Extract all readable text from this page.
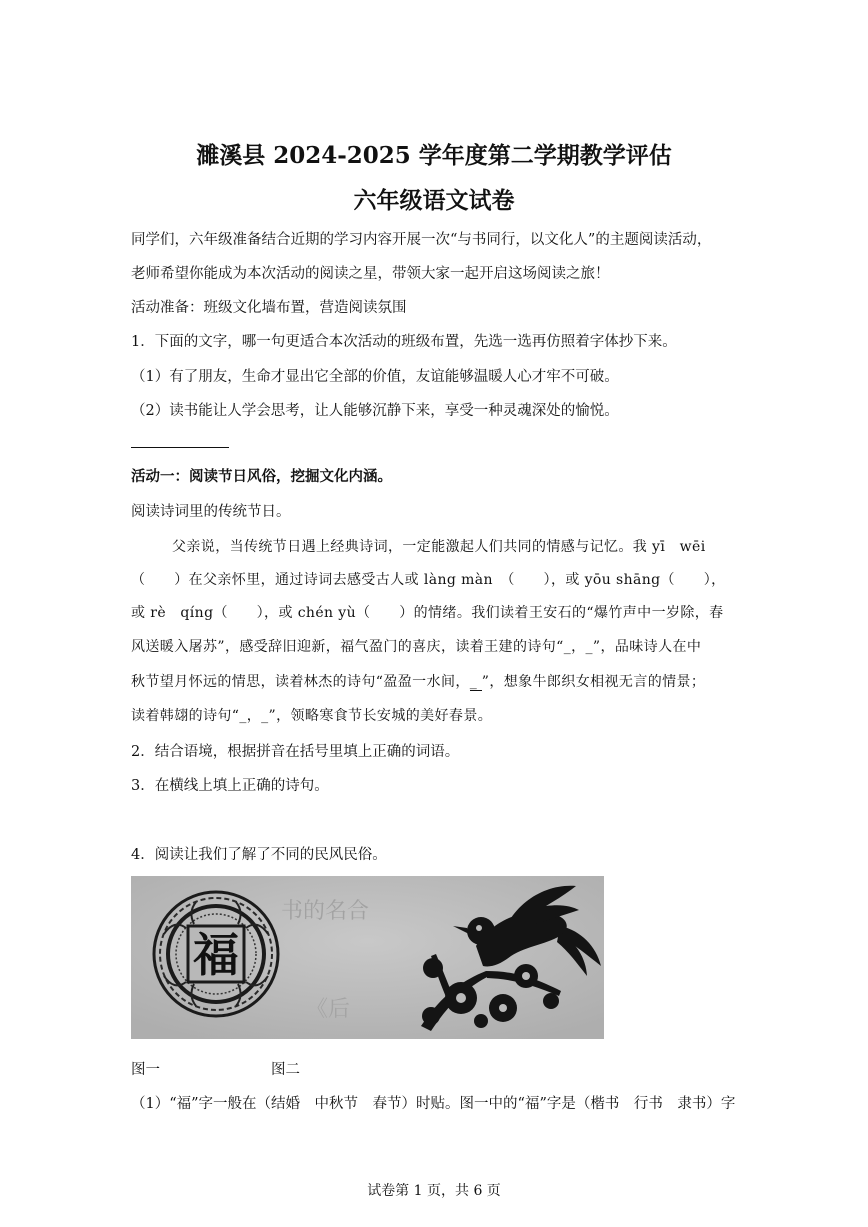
濉溪县 2024-2025 学年度第二学期教学评估
六年级语文试卷
同学们，六年级准备结合近期的学习内容开展一次“与书同行，以文化人”的主题阅读活动，
老师希望你能成为本次活动的阅读之星，带领大家一起开启这场阅读之旅！
活动准备：班级文化墙布置，营造阅读氛围
1．下面的文字，哪一句更适合本次活动的班级布置，先选一选再仿照着字体抄下来。
（1）有了朋友，生命才显出它全部的价值，友谊能够温暖人心才牢不可破。
（2）读书能让人学会思考，让人能够沉静下来，享受一种灵魂深处的愉悦。
活动一：阅读节日风俗，挖掘文化内涵。
阅读诗词里的传统节日。
父亲说，当传统节日遇上经典诗词，一定能激起人们共同的情感与记忆。我 yī　wēi
（　　）在父亲怀里，通过诗词去感受古人或 làng màn　（　　），或 yōu shāng（　　），
或 rè　qíng（　　），或 chén yù（　　）的情绪。我们读着王安石的“爆竹声中一岁除，春
风送暖入屠苏”，感受辞旧迎新，福气盈门的喜庆，读着王建的诗句“_，_”，品味诗人在中
秋节望月怀远的情思，读着林杰的诗句“盈盈一水间，_ ”，想象牛郎织女相视无言的情景；
读着韩翃的诗句“_，_”，领略寒食节长安城的美好春景。
2．结合语境，根据拼音在括号里填上正确的词语。
3．在横线上填上正确的诗句。
4．阅读让我们了解了不同的民风民俗。
书的名合
《后
福
图一	图二
（1）“福”字一般在（结婚　中秋节　春节）时贴。图一中的“福”字是（楷书　行书　隶书）字
试卷第 1 页，共 6 页
